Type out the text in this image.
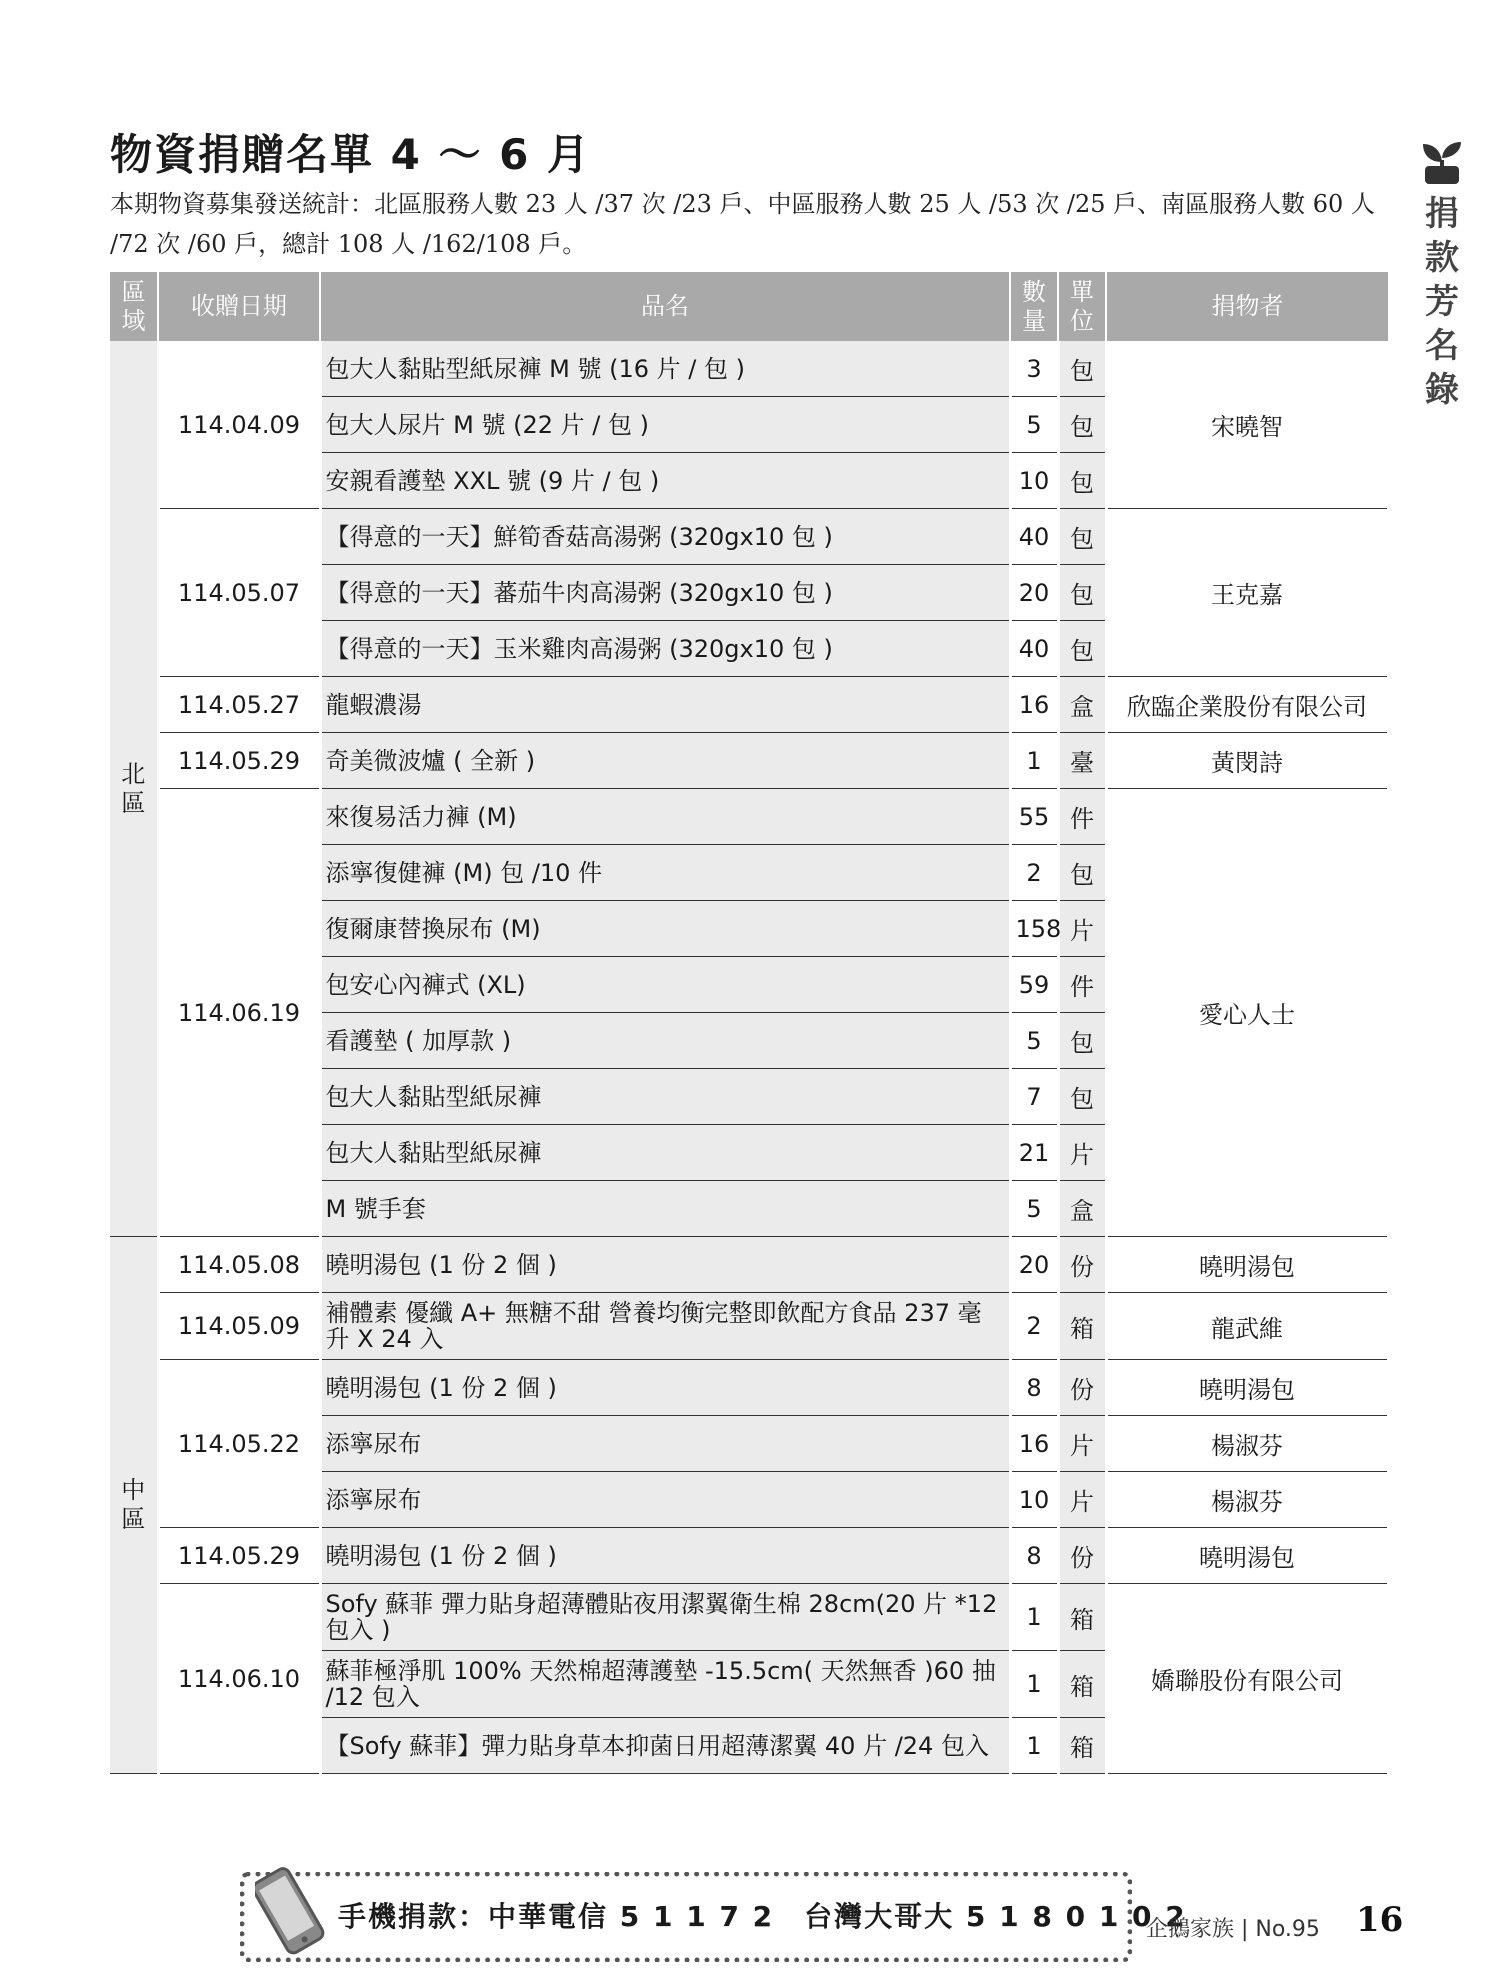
物資捐贈名單 4 ～ 6 月

本期物資募集發送統計：北區服務人數 23 人 /37 次 /23 戶、中區服務人數 25 人 /53 次 /25 戶、南區服務人數 60 人 /72 次 /60 戶，總計 108 人 /162/108 戶。

捐款芳名錄
區域	收贈日期	品名	數量	單位	捐物者
北區	114.04.09	包大人黏貼型紙尿褲 M 號 (16 片 / 包 )	3	包	宋曉智
		包大人尿片 M 號 (22 片 / 包 )	5	包	
		安親看護墊 XXL 號 (9 片 / 包 )	10	包	
	114.05.07	【得意的一天】鮮筍香菇高湯粥 (320gx10 包 )	40	包	王克嘉
		【得意的一天】蕃茄牛肉高湯粥 (320gx10 包 )	20	包	
		【得意的一天】玉米雞肉高湯粥 (320gx10 包 )	40	包	
	114.05.27	龍蝦濃湯	16	盒	欣臨企業股份有限公司
	114.05.29	奇美微波爐 ( 全新 )	1	臺	黃閔詩
	114.06.19	來復易活力褲 (M)	55	件	愛心人士
		添寧復健褲 (M) 包 /10 件	2	包	
		復爾康替換尿布 (M)	158	片	
		包安心內褲式 (XL)	59	件	
		看護墊 ( 加厚款 )	5	包	
		包大人黏貼型紙尿褲	7	包	
		包大人黏貼型紙尿褲	21	片	
		M 號手套	5	盒	
中區	114.05.08	曉明湯包 (1 份 2 個 )	20	份	曉明湯包
	114.05.09	補體素 優纖 A+ 無糖不甜 營養均衡完整即飲配方食品 237 毫升 X 24 入	2	箱	龍武維
	114.05.22	曉明湯包 (1 份 2 個 )	8	份	曉明湯包
		添寧尿布	16	片	楊淑芬
		添寧尿布	10	片	楊淑芬
	114.05.29	曉明湯包 (1 份 2 個 )	8	份	曉明湯包
	114.06.10	Sofy 蘇菲 彈力貼身超薄體貼夜用潔翼衛生棉 28cm(20 片 *12 包入 )	1	箱	嬌聯股份有限公司
		蘇菲極淨肌 100% 天然棉超薄護墊 -15.5cm( 天然無香 )60 抽 /12 包入	1	箱	
		【Sofy 蘇菲】彈力貼身草本抑菌日用超薄潔翼 40 片 /24 包入	1	箱	
手機捐款：中華電信 5 1 1 7 2　台灣大哥大 5 1 8 0 1 0 2
企鵝家族 | No.95 16
